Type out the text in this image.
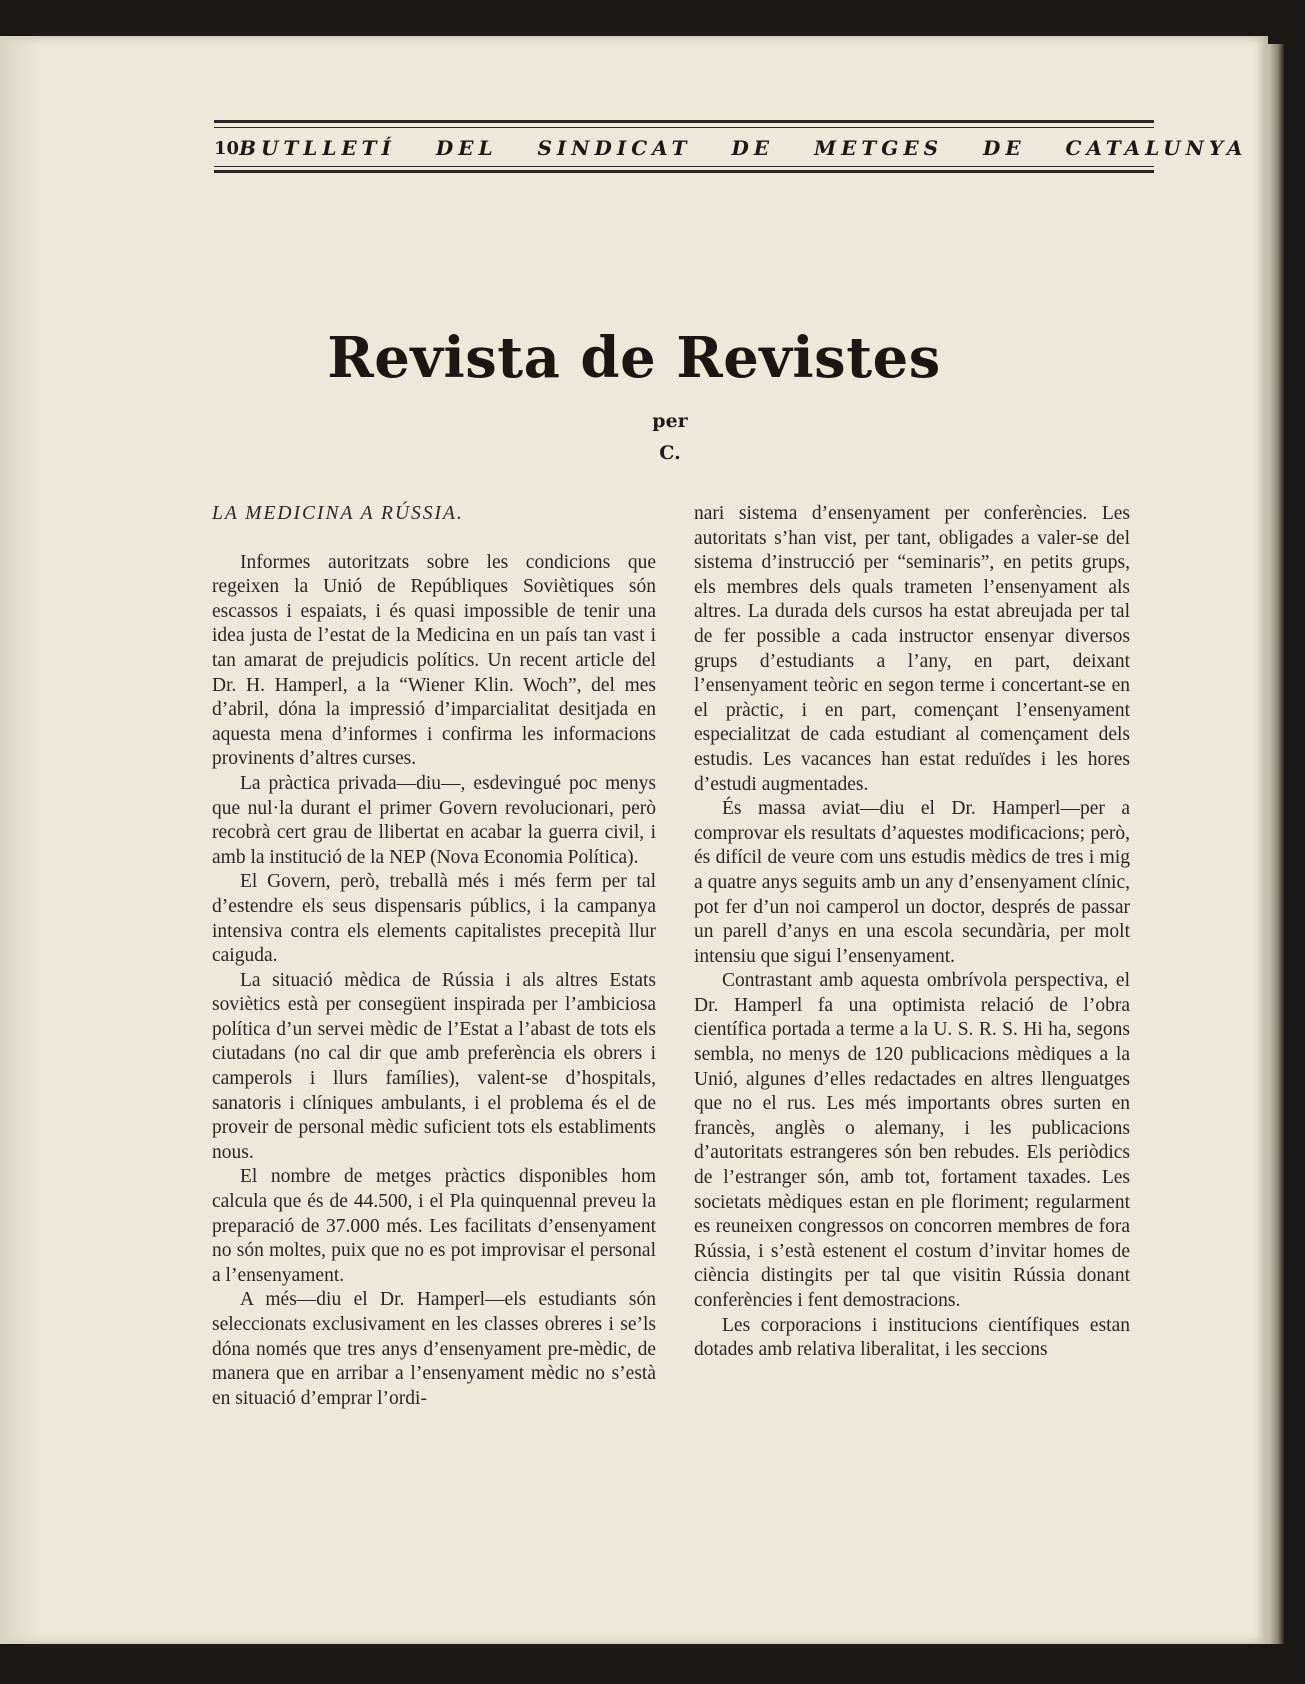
10 BUTLLETÍ DEL SINDICAT DE METGES DE CATALUNYA
Revista de Revistes
per
C.
LA MEDICINA A RÚSSIA.

Informes autoritzats sobre les condicions que regeixen la Unió de Repúbliques Soviètiques són escassos i espaiats, i és quasi impossible de tenir una idea justa de l’estat de la Medicina en un país tan vast i tan amarat de prejudicis polítics. Un recent article del Dr. H. Hamperl, a la “Wiener Klin. Woch”, del mes d’abril, dóna la impressió d’imparcialitat desitjada en aquesta mena d’informes i confirma les informacions provinents d’altres curses.

La pràctica privada—diu—, esdevingué poc menys que nul·la durant el primer Govern revolucionari, però recobrà cert grau de llibertat en acabar la guerra civil, i amb la institució de la NEP (Nova Economia Política).

El Govern, però, treballà més i més ferm per tal d’estendre els seus dispensaris públics, i la campanya intensiva contra els elements capitalistes precepità llur caiguda.

La situació mèdica de Rússia i als altres Estats soviètics està per consegüent inspirada per l’ambiciosa política d’un servei mèdic de l’Estat a l’abast de tots els ciutadans (no cal dir que amb preferència els obrers i camperols i llurs famílies), valent-se d’hospitals, sanatoris i clíniques ambulants, i el problema és el de proveir de personal mèdic suficient tots els establiments nous.

El nombre de metges pràctics disponibles hom calcula que és de 44.500, i el Pla quinquennal preveu la preparació de 37.000 més. Les facilitats d’ensenyament no són moltes, puix que no es pot improvisar el personal a l’ensenyament.

A més—diu el Dr. Hamperl—els estudiants són seleccionats exclusivament en les classes obreres i se’ls dóna només que tres anys d’ensenyament pre-mèdic, de manera que en arribar a l’ensenyament mèdic no s’està en situació d’emprar l’ordi-

nari sistema d’ensenyament per conferències. Les autoritats s’han vist, per tant, obligades a valer-se del sistema d’instrucció per “seminaris”, en petits grups, els membres dels quals trameten l’ensenyament als altres. La durada dels cursos ha estat abreujada per tal de fer possible a cada instructor ensenyar diversos grups d’estudiants a l’any, en part, deixant l’ensenyament teòric en segon terme i concertant-se en el pràctic, i en part, començant l’ensenyament especialitzat de cada estudiant al començament dels estudis. Les vacances han estat reduïdes i les hores d’estudi augmentades.

És massa aviat—diu el Dr. Hamperl—per a comprovar els resultats d’aquestes modificacions; però, és difícil de veure com uns estudis mèdics de tres i mig a quatre anys seguits amb un any d’ensenyament clínic, pot fer d’un noi camperol un doctor, després de passar un parell d’anys en una escola secundària, per molt intensiu que sigui l’ensenyament.

Contrastant amb aquesta ombrívola perspectiva, el Dr. Hamperl fa una optimista relació de l’obra científica portada a terme a la U. S. R. S. Hi ha, segons sembla, no menys de 120 publicacions mèdiques a la Unió, algunes d’elles redactades en altres llenguatges que no el rus. Les més importants obres surten en francès, anglès o alemany, i les publicacions d’autoritats estrangeres són ben rebudes. Els periòdics de l’estranger són, amb tot, fortament taxades. Les societats mèdiques estan en ple floriment; regularment es reuneixen congressos on concorren membres de fora Rússia, i s’està estenent el costum d’invitar homes de ciència distingits per tal que visitin Rússia donant conferències i fent demostracions.

Les corporacions i institucions científiques estan dotades amb relativa liberalitat, i les seccions
